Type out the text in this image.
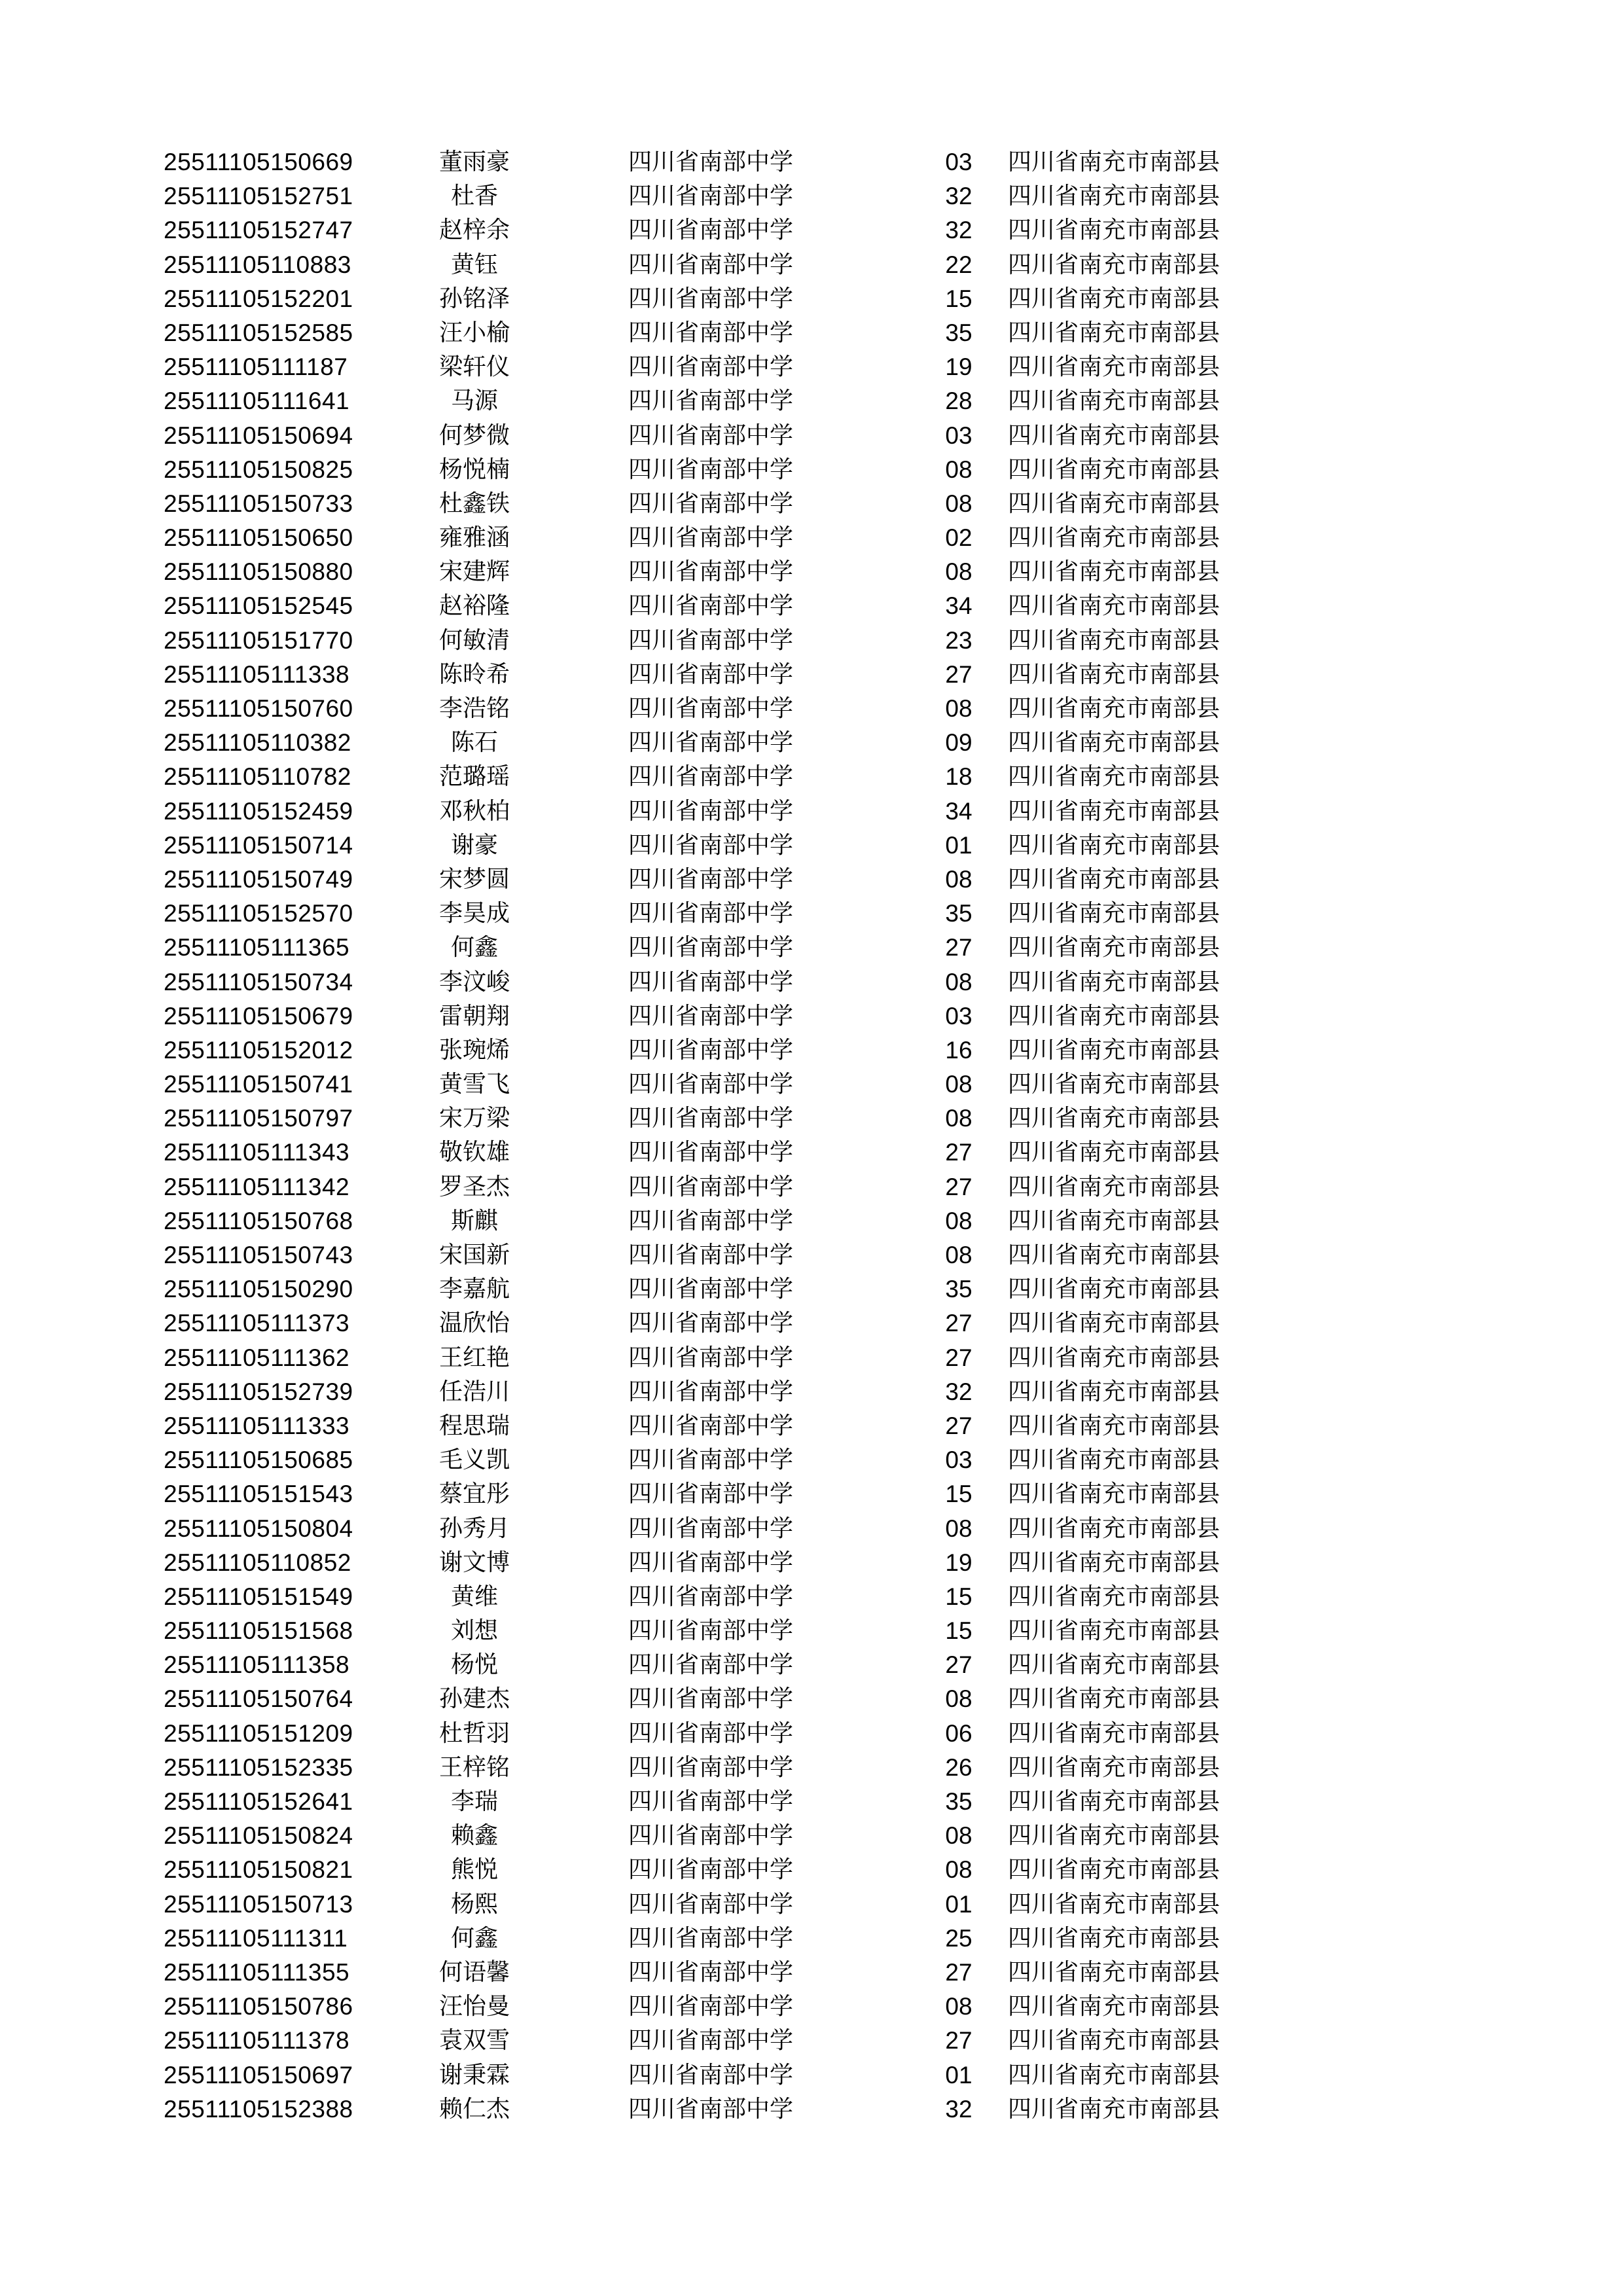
25511105150669	董雨豪	四川省南部中学	03	四川省南充市南部县
25511105152751	杜香	四川省南部中学	32	四川省南充市南部县
25511105152747	赵梓余	四川省南部中学	32	四川省南充市南部县
25511105110883	黄钰	四川省南部中学	22	四川省南充市南部县
25511105152201	孙铭泽	四川省南部中学	15	四川省南充市南部县
25511105152585	汪小榆	四川省南部中学	35	四川省南充市南部县
25511105111187	梁轩仪	四川省南部中学	19	四川省南充市南部县
25511105111641	马源	四川省南部中学	28	四川省南充市南部县
25511105150694	何梦微	四川省南部中学	03	四川省南充市南部县
25511105150825	杨悦楠	四川省南部中学	08	四川省南充市南部县
25511105150733	杜鑫铁	四川省南部中学	08	四川省南充市南部县
25511105150650	雍雅涵	四川省南部中学	02	四川省南充市南部县
25511105150880	宋建辉	四川省南部中学	08	四川省南充市南部县
25511105152545	赵裕隆	四川省南部中学	34	四川省南充市南部县
25511105151770	何敏清	四川省南部中学	23	四川省南充市南部县
25511105111338	陈昤希	四川省南部中学	27	四川省南充市南部县
25511105150760	李浩铭	四川省南部中学	08	四川省南充市南部县
25511105110382	陈石	四川省南部中学	09	四川省南充市南部县
25511105110782	范璐瑶	四川省南部中学	18	四川省南充市南部县
25511105152459	邓秋柏	四川省南部中学	34	四川省南充市南部县
25511105150714	谢豪	四川省南部中学	01	四川省南充市南部县
25511105150749	宋梦圆	四川省南部中学	08	四川省南充市南部县
25511105152570	李昊成	四川省南部中学	35	四川省南充市南部县
25511105111365	何鑫	四川省南部中学	27	四川省南充市南部县
25511105150734	李汶峻	四川省南部中学	08	四川省南充市南部县
25511105150679	雷朝翔	四川省南部中学	03	四川省南充市南部县
25511105152012	张琬烯	四川省南部中学	16	四川省南充市南部县
25511105150741	黄雪飞	四川省南部中学	08	四川省南充市南部县
25511105150797	宋万梁	四川省南部中学	08	四川省南充市南部县
25511105111343	敬钦雄	四川省南部中学	27	四川省南充市南部县
25511105111342	罗圣杰	四川省南部中学	27	四川省南充市南部县
25511105150768	斯麒	四川省南部中学	08	四川省南充市南部县
25511105150743	宋国新	四川省南部中学	08	四川省南充市南部县
25511105150290	李嘉航	四川省南部中学	35	四川省南充市南部县
25511105111373	温欣怡	四川省南部中学	27	四川省南充市南部县
25511105111362	王红艳	四川省南部中学	27	四川省南充市南部县
25511105152739	任浩川	四川省南部中学	32	四川省南充市南部县
25511105111333	程思瑞	四川省南部中学	27	四川省南充市南部县
25511105150685	毛义凯	四川省南部中学	03	四川省南充市南部县
25511105151543	蔡宜彤	四川省南部中学	15	四川省南充市南部县
25511105150804	孙秀月	四川省南部中学	08	四川省南充市南部县
25511105110852	谢文博	四川省南部中学	19	四川省南充市南部县
25511105151549	黄维	四川省南部中学	15	四川省南充市南部县
25511105151568	刘想	四川省南部中学	15	四川省南充市南部县
25511105111358	杨悦	四川省南部中学	27	四川省南充市南部县
25511105150764	孙建杰	四川省南部中学	08	四川省南充市南部县
25511105151209	杜哲羽	四川省南部中学	06	四川省南充市南部县
25511105152335	王梓铭	四川省南部中学	26	四川省南充市南部县
25511105152641	李瑞	四川省南部中学	35	四川省南充市南部县
25511105150824	赖鑫	四川省南部中学	08	四川省南充市南部县
25511105150821	熊悦	四川省南部中学	08	四川省南充市南部县
25511105150713	杨熙	四川省南部中学	01	四川省南充市南部县
25511105111311	何鑫	四川省南部中学	25	四川省南充市南部县
25511105111355	何语馨	四川省南部中学	27	四川省南充市南部县
25511105150786	汪怡曼	四川省南部中学	08	四川省南充市南部县
25511105111378	袁双雪	四川省南部中学	27	四川省南充市南部县
25511105150697	谢秉霖	四川省南部中学	01	四川省南充市南部县
25511105152388	赖仁杰	四川省南部中学	32	四川省南充市南部县
